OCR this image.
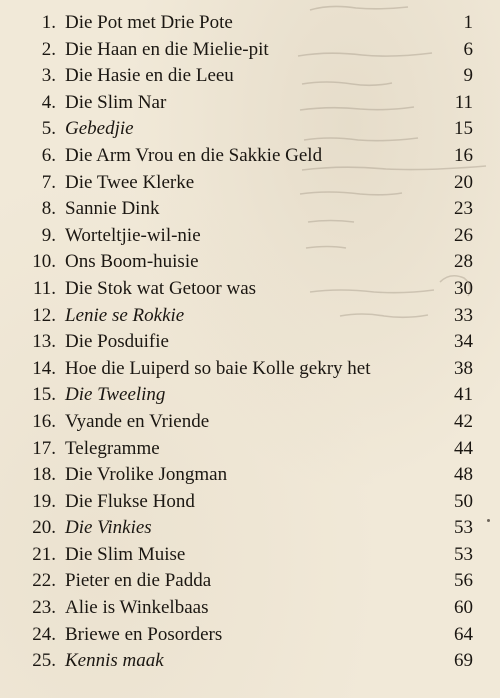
1. Die Pot met Drie Pote	1
2. Die Haan en die Mielie-pit	6
3. Die Hasie en die Leeu	9
4. Die Slim Nar	11
5. Gebedjie	15
6. Die Arm Vrou en die Sakkie Geld	16
7. Die Twee Klerke	20
8. Sannie Dink	23
9. Worteltjie-wil-nie	26
10. Ons Boom-huisie	28
11. Die Stok wat Getoor was	30
12. Lenie se Rokkie	33
13. Die Posduifie	34
14. Hoe die Luiperd so baie Kolle gekry het	38
15. Die Tweeling	41
16. Vyande en Vriende	42
17. Telegramme	44
18. Die Vrolike Jongman	48
19. Die Flukse Hond	50
20. Die Vinkies	53
21. Die Slim Muise	53
22. Pieter en die Padda	56
23. Alie is Winkelbaas	60
24. Briewe en Posorders	64
25. Kennis maak	69
